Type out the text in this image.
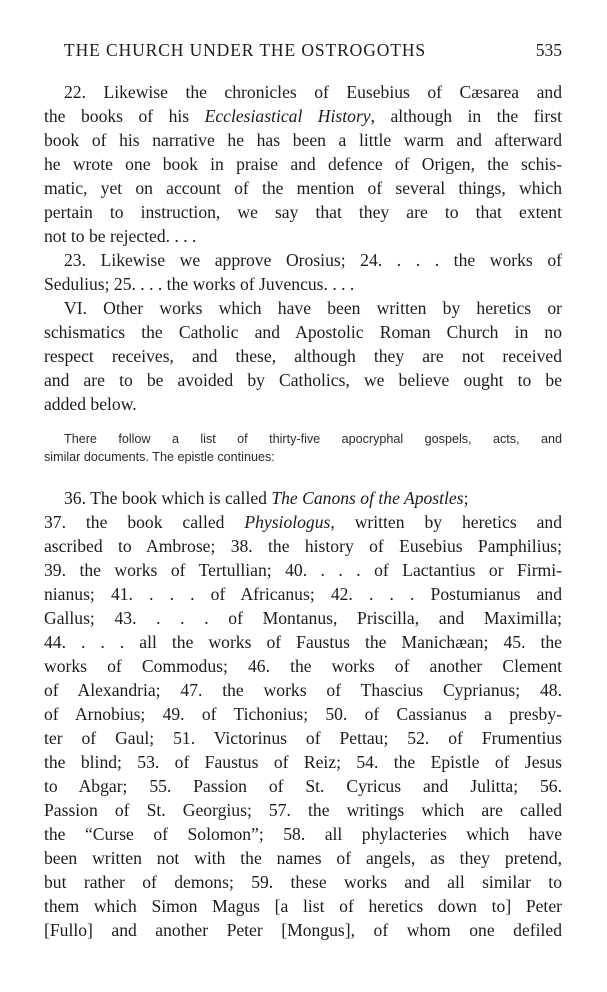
THE CHURCH UNDER THE OSTROGOTHS	535
22. Likewise the chronicles of Eusebius of Cæsarea and
the books of his Ecclesiastical History, although in the first
book of his narrative he has been a little warm and afterward
he wrote one book in praise and defence of Origen, the schis-
matic, yet on account of the mention of several things, which
pertain to instruction, we say that they are to that extent
not to be rejected. . . .
23. Likewise we approve Orosius; 24. . . . the works of
Sedulius; 25. . . . the works of Juvencus. . . .
VI. Other works which have been written by heretics or
schismatics the Catholic and Apostolic Roman Church in no
respect receives, and these, although they are not received
and are to be avoided by Catholics, we believe ought to be
added below.
There follow a list of thirty-five apocryphal gospels, acts, and
similar documents. The epistle continues:
36. The book which is called The Canons of the Apostles;
37. the book called Physiologus, written by heretics and
ascribed to Ambrose; 38. the history of Eusebius Pamphilius;
39. the works of Tertullian; 40. . . . of Lactantius or Firmi-
nianus; 41. . . . of Africanus; 42. . . . Postumianus and
Gallus; 43. . . . of Montanus, Priscilla, and Maximilla;
44. . . . all the works of Faustus the Manichæan; 45. the
works of Commodus; 46. the works of another Clement
of Alexandria; 47. the works of Thascius Cyprianus; 48.
of Arnobius; 49. of Tichonius; 50. of Cassianus a presby-
ter of Gaul; 51. Victorinus of Pettau; 52. of Frumentius
the blind; 53. of Faustus of Reiz; 54. the Epistle of Jesus
to Abgar; 55. Passion of St. Cyricus and Julitta; 56.
Passion of St. Georgius; 57. the writings which are called
the “Curse of Solomon”; 58. all phylacteries which have
been written not with the names of angels, as they pretend,
but rather of demons; 59. these works and all similar to
them which Simon Magus [a list of heretics down to] Peter
[Fullo] and another Peter [Mongus], of whom one defiled
